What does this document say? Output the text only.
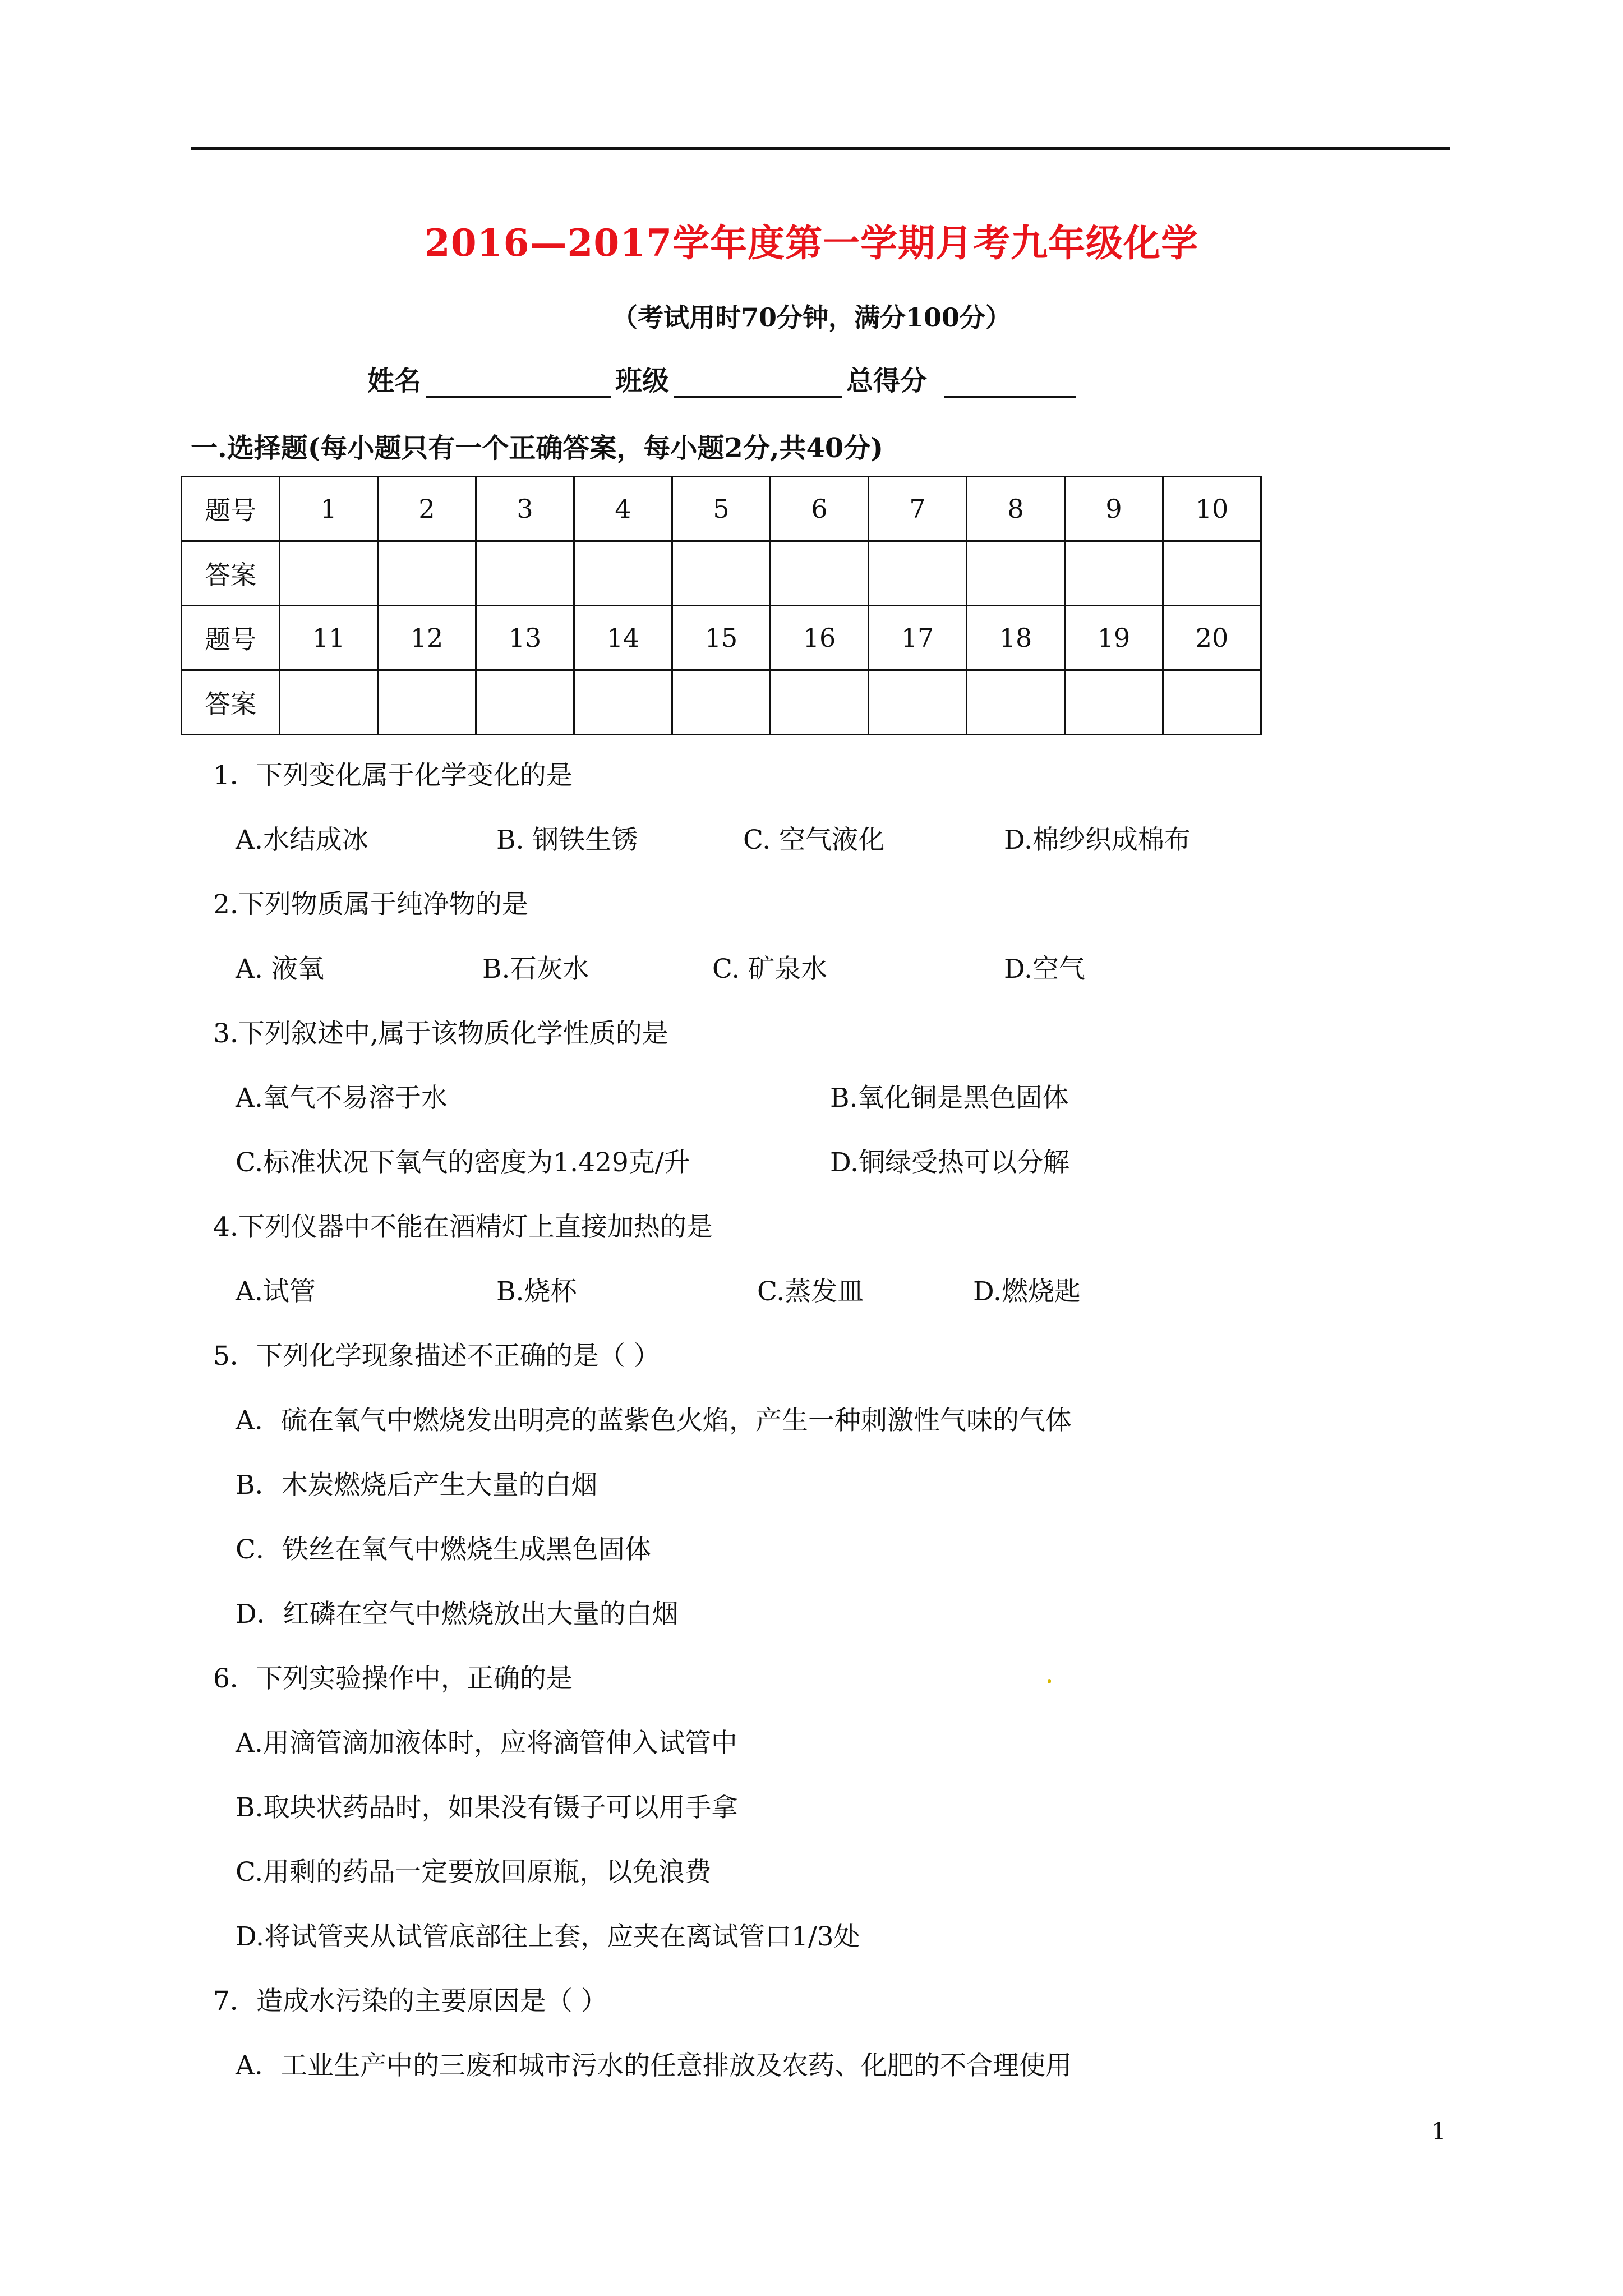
2016—2017学年度第一学期月考九年级化学
（考试用时70分钟，满分100分）
姓名	班级	总得分
一.选择题(每小题只有一个正确答案，每小题2分,共40分)
题号	1	2	3	4	5	6	7	8	9	10
答案										
题号	11	12	13	14	15	16	17	18	19	20
答案										
1．下列变化属于化学变化的是
A.水结成冰	B. 钢铁生锈	C. 空气液化	D.棉纱织成棉布
2.下列物质属于纯净物的是
A. 液氧	B.石灰水	C. 矿泉水	D.空气
3.下列叙述中,属于该物质化学性质的是
A.氧气不易溶于水	B.氧化铜是黑色固体
C.标准状况下氧气的密度为1.429克/升	D.铜绿受热可以分解
4.下列仪器中不能在酒精灯上直接加热的是
A.试管	B.烧杯	C.蒸发皿	D.燃烧匙
5．下列化学现象描述不正确的是（ ）
A．硫在氧气中燃烧发出明亮的蓝紫色火焰，产生一种刺激性气味的气体
B．木炭燃烧后产生大量的白烟
C．铁丝在氧气中燃烧生成黑色固体
D．红磷在空气中燃烧放出大量的白烟
6．下列实验操作中，正确的是
A.用滴管滴加液体时，应将滴管伸入试管中
B.取块状药品时，如果没有镊子可以用手拿
C.用剩的药品一定要放回原瓶，以免浪费
D.将试管夹从试管底部往上套，应夹在离试管口1/3处
7．造成水污染的主要原因是（ ）
A．工业生产中的三废和城市污水的任意排放及农药、化肥的不合理使用
1
